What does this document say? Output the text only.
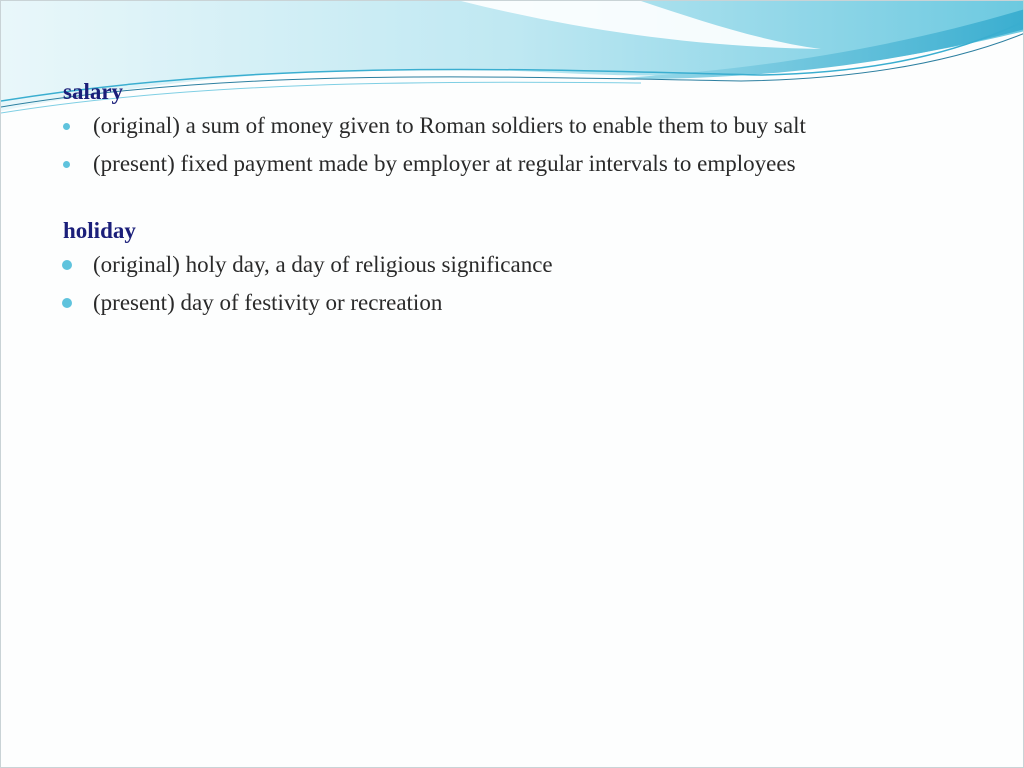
salary

(original) a sum of money given to Roman soldiers to enable them to buy salt
(present) fixed payment made by employer at regular intervals to employees

holiday

(original) holy day, a day of religious significance
(present) day of festivity or recreation
